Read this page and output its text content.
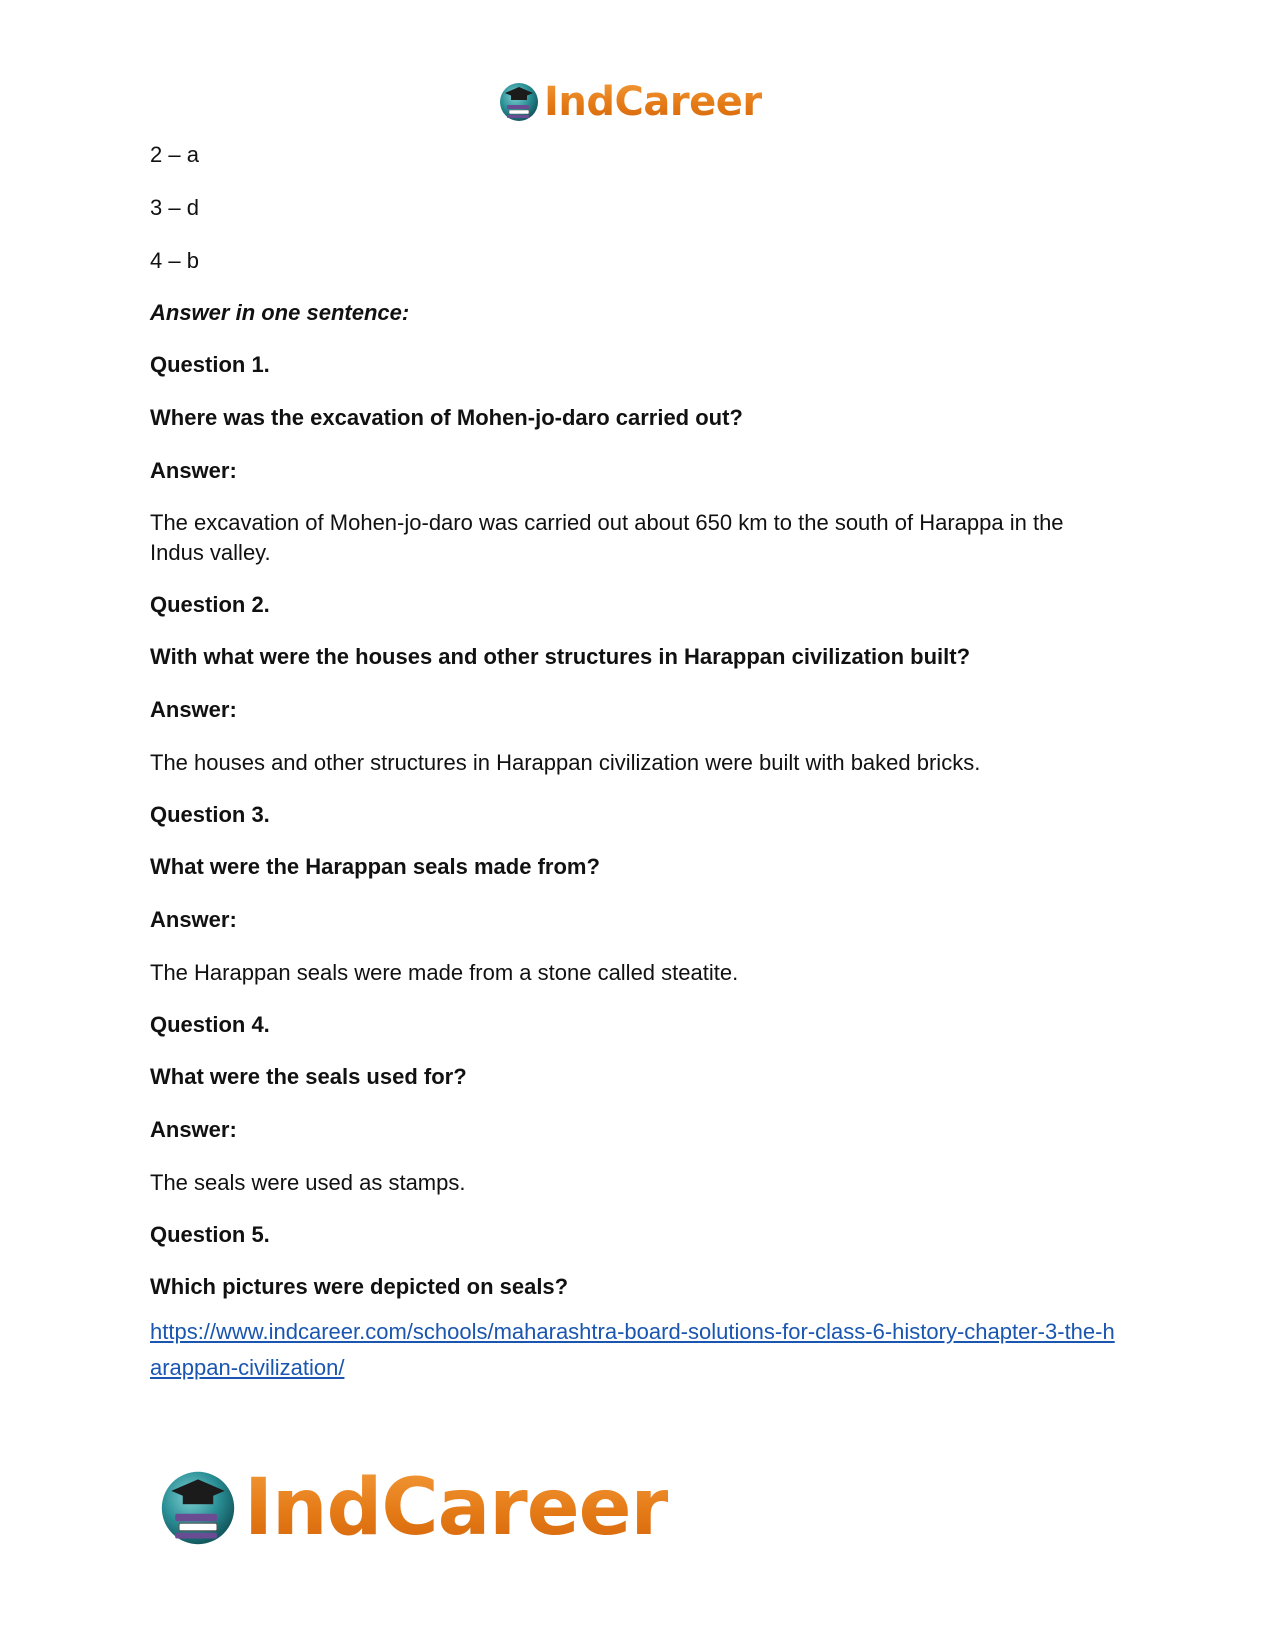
IndCareer
2 – a
3 – d
4 – b
Answer in one sentence:
Question 1.
Where was the excavation of Mohen-jo-daro carried out?
Answer:
The excavation of Mohen-jo-daro was carried out about 650 km to the south of Harappa in the Indus valley.
Question 2.
With what were the houses and other structures in Harappan civilization built?
Answer:
The houses and other structures in Harappan civilization were built with baked bricks.
Question 3.
What were the Harappan seals made from?
Answer:
The Harappan seals were made from a stone called steatite.
Question 4.
What were the seals used for?
Answer:
The seals were used as stamps.
Question 5.
Which pictures were depicted on seals?
https://www.indcareer.com/schools/maharashtra-board-solutions-for-class-6-history-chapter-3-the-harappan-civilization/
IndCareer
